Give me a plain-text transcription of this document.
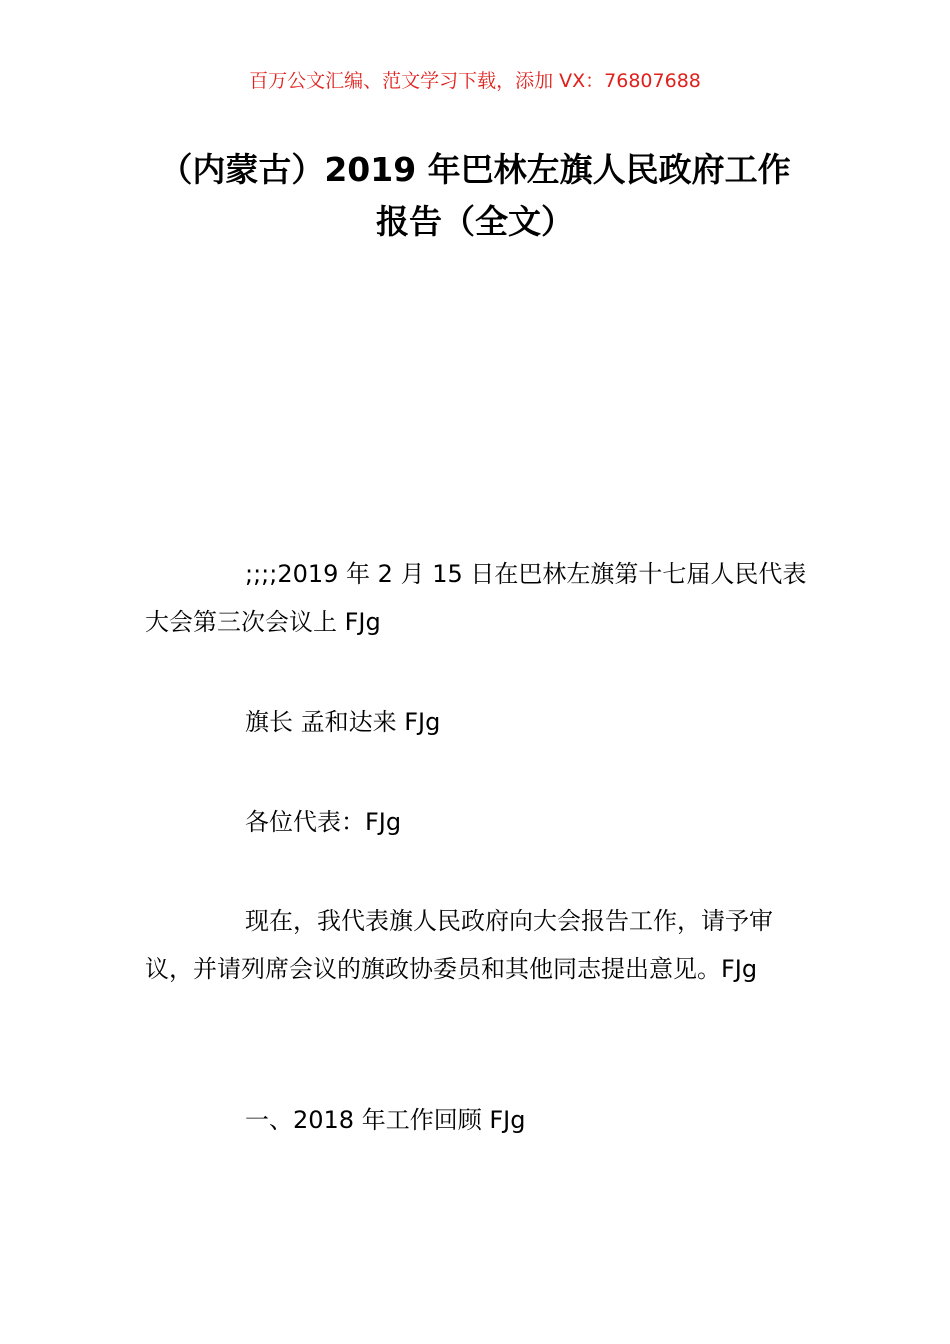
百万公文汇编、范文学习下载，添加 VX：76807688
（内蒙古）2019 年巴林左旗人民政府工作
报告（全文）
;;;;2019 年 2 月 15 日在巴林左旗第十七届人民代表大会第三次会议上 FJg
旗长 孟和达来 FJg
各位代表：FJg
现在，我代表旗人民政府向大会报告工作，请予审议，并请列席会议的旗政协委员和其他同志提出意见。FJg
一、2018 年工作回顾 FJg
